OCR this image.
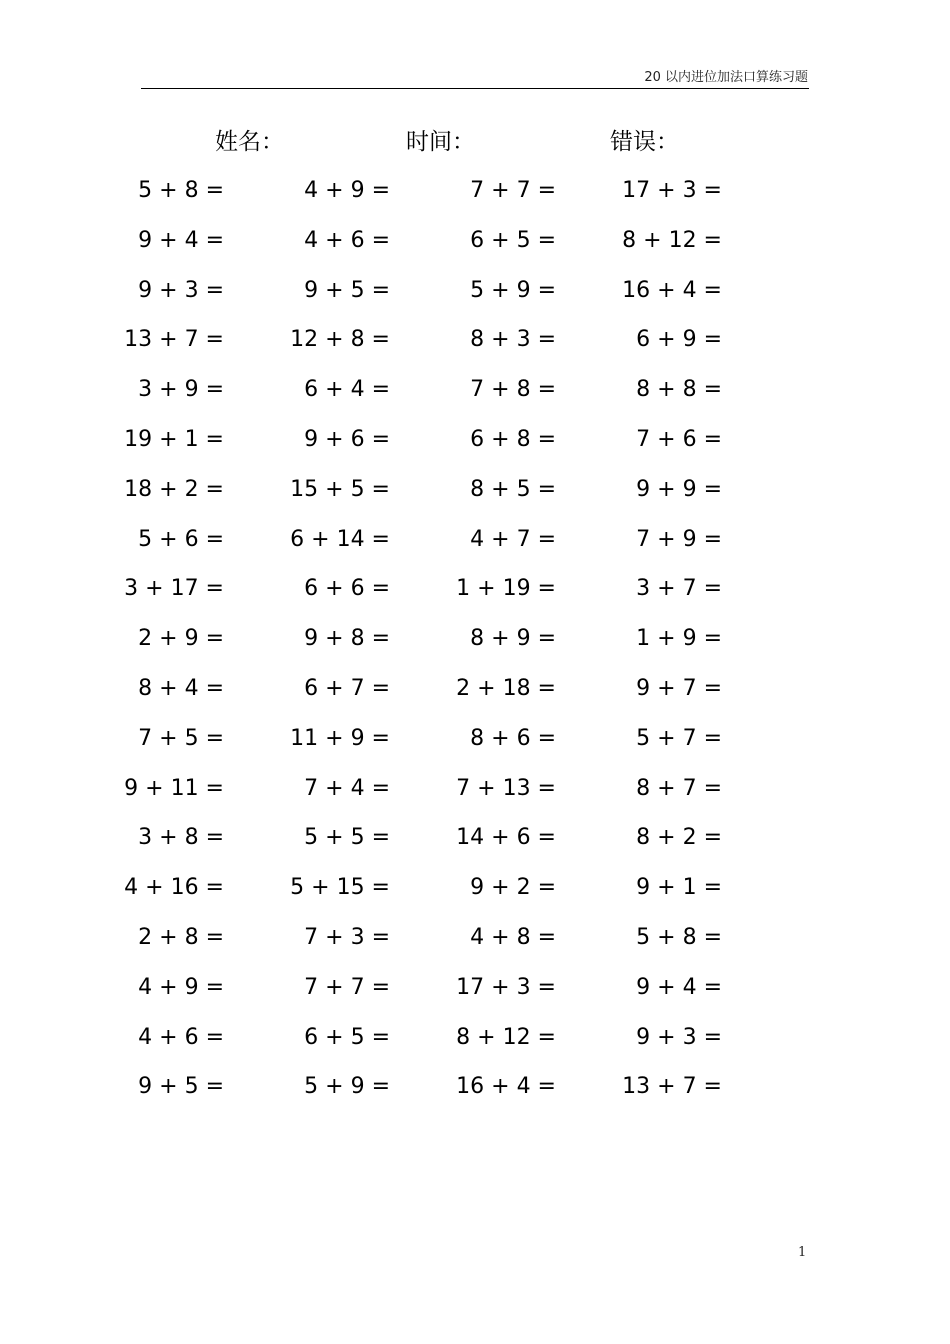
20 以内进位加法口算练习题
姓名：	时间：	错误：
5 + 8 =	4 + 9 =	7 + 7 =	17 + 3 =
9 + 4 =	4 + 6 =	6 + 5 =	8 + 12 =
9 + 3 =	9 + 5 =	5 + 9 =	16 + 4 =
13 + 7 =	12 + 8 =	8 + 3 =	6 + 9 =
3 + 9 =	6 + 4 =	7 + 8 =	8 + 8 =
19 + 1 =	9 + 6 =	6 + 8 =	7 + 6 =
18 + 2 =	15 + 5 =	8 + 5 =	9 + 9 =
5 + 6 =	6 + 14 =	4 + 7 =	7 + 9 =
3 + 17 =	6 + 6 =	1 + 19 =	3 + 7 =
2 + 9 =	9 + 8 =	8 + 9 =	1 + 9 =
8 + 4 =	6 + 7 =	2 + 18 =	9 + 7 =
7 + 5 =	11 + 9 =	8 + 6 =	5 + 7 =
9 + 11 =	7 + 4 =	7 + 13 =	8 + 7 =
3 + 8 =	5 + 5 =	14 + 6 =	8 + 2 =
4 + 16 =	5 + 15 =	9 + 2 =	9 + 1 =
2 + 8 =	7 + 3 =	4 + 8 =	5 + 8 =
4 + 9 =	7 + 7 =	17 + 3 =	9 + 4 =
4 + 6 =	6 + 5 =	8 + 12 =	9 + 3 =
9 + 5 =	5 + 9 =	16 + 4 =	13 + 7 =
1
